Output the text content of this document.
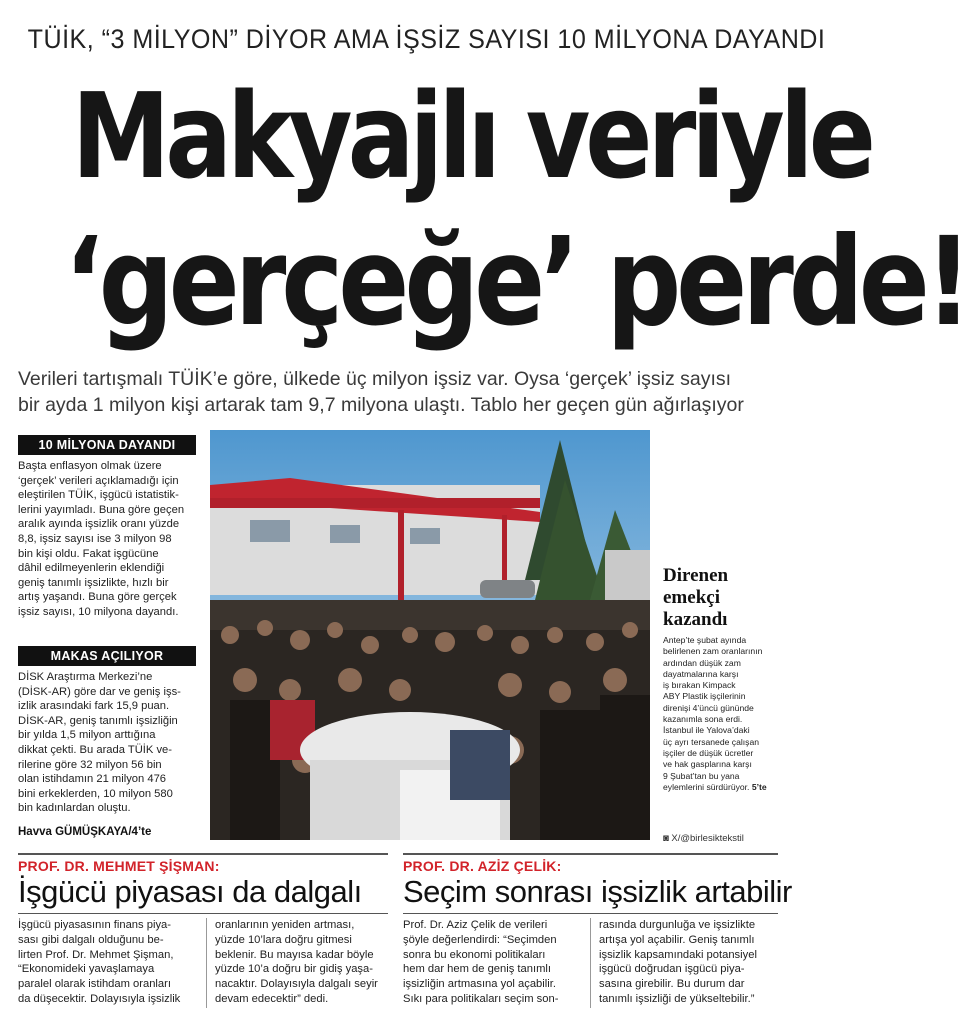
TÜİK, “3 MİLYON” DİYOR AMA İŞSİZ SAYISI 10 MİLYONA DAYANDI
Makyajlı veriyle
‘gerçeğe’ perde!

Verileri tartışmalı TÜİK’e göre, ülkede üç milyon işsiz var. Oysa ‘gerçek’ işsiz sayısı

bir ayda 1 milyon kişi artarak tam 9,7 milyona ulaştı. Tablo her geçen gün ağırlaşıyor

10 MİLYONA DAYANDI

Başta enflasyon olmak üzere

‘gerçek’ verileri açıklamadığı için

eleştirilen TÜİK, işgücü istatistik-

lerini yayımladı. Buna göre geçen

aralık ayında işsizlik oranı yüzde

8,8, işsiz sayısı ise 3 milyon 98

bin kişi oldu. Fakat işgücüne

dâhil edilmeyenlerin eklendiği

geniş tanımlı işsizlikte, hızlı bir

artış yaşandı. Buna göre gerçek

işsiz sayısı, 10 milyona dayandı.

MAKAS AÇILIYOR

DİSK Araştırma Merkezi’ne

(DİSK-AR) göre dar ve geniş işs-

izlik arasındaki fark 15,9 puan.

DİSK-AR, geniş tanımlı işsizliğin

bir yılda 1,5 milyon arttığına

dikkat çekti. Bu arada TÜİK ve-

rilerine göre 32 milyon 56 bin

olan istihdamın 21 milyon 476

bini erkeklerden, 10 milyon 580

bin kadınlardan oluştu.

Havva GÜMÜŞKAYA/4’te

Direnen

emekçi

kazandı

Antep’te şubat ayında

belirlenen zam oranlarının

ardından düşük zam

dayatmalarına karşı

iş bırakan Kimpack

ABY Plastik işçilerinin

direnişi 4’üncü gününde

kazanımla sona erdi.

İstanbul ile Yalova’daki

üç ayrı tersanede çalışan

işçiler de düşük ücretler

ve hak gasplarına karşı

9 Şubat’tan bu yana

eylemlerini sürdürüyor. 5’te

◙ X/@birlesiktekstil
PROF. DR. MEHMET ŞİŞMAN:
İşgücü piyasası da dalgalı

İşgücü piyasasının finans piya-

sası gibi dalgalı olduğunu be-

lirten Prof. Dr. Mehmet Şişman,

“Ekonomideki yavaşlamaya

paralel olarak istihdam oranları

da düşecektir. Dolayısıyla işsizlik

oranlarının yeniden artması,

yüzde 10’lara doğru gitmesi

beklenir. Bu mayısa kadar böyle

yüzde 10’a doğru bir gidiş yaşa-

nacaktır. Dolayısıyla dalgalı seyir

devam edecektir” dedi.

PROF. DR. AZİZ ÇELİK:
Seçim sonrası işsizlik artabilir

Prof. Dr. Aziz Çelik de verileri

şöyle değerlendirdi: “Seçimden

sonra bu ekonomi politikaları

hem dar hem de geniş tanımlı

işsizliğin artmasına yol açabilir.

Sıkı para politikaları seçim son-

rasında durgunluğa ve işsizlikte

artışa yol açabilir. Geniş tanımlı

işsizlik kapsamındaki potansiyel

işgücü doğrudan işgücü piya-

sasına girebilir. Bu durum dar

tanımlı işsizliği de yükseltebilir.”
